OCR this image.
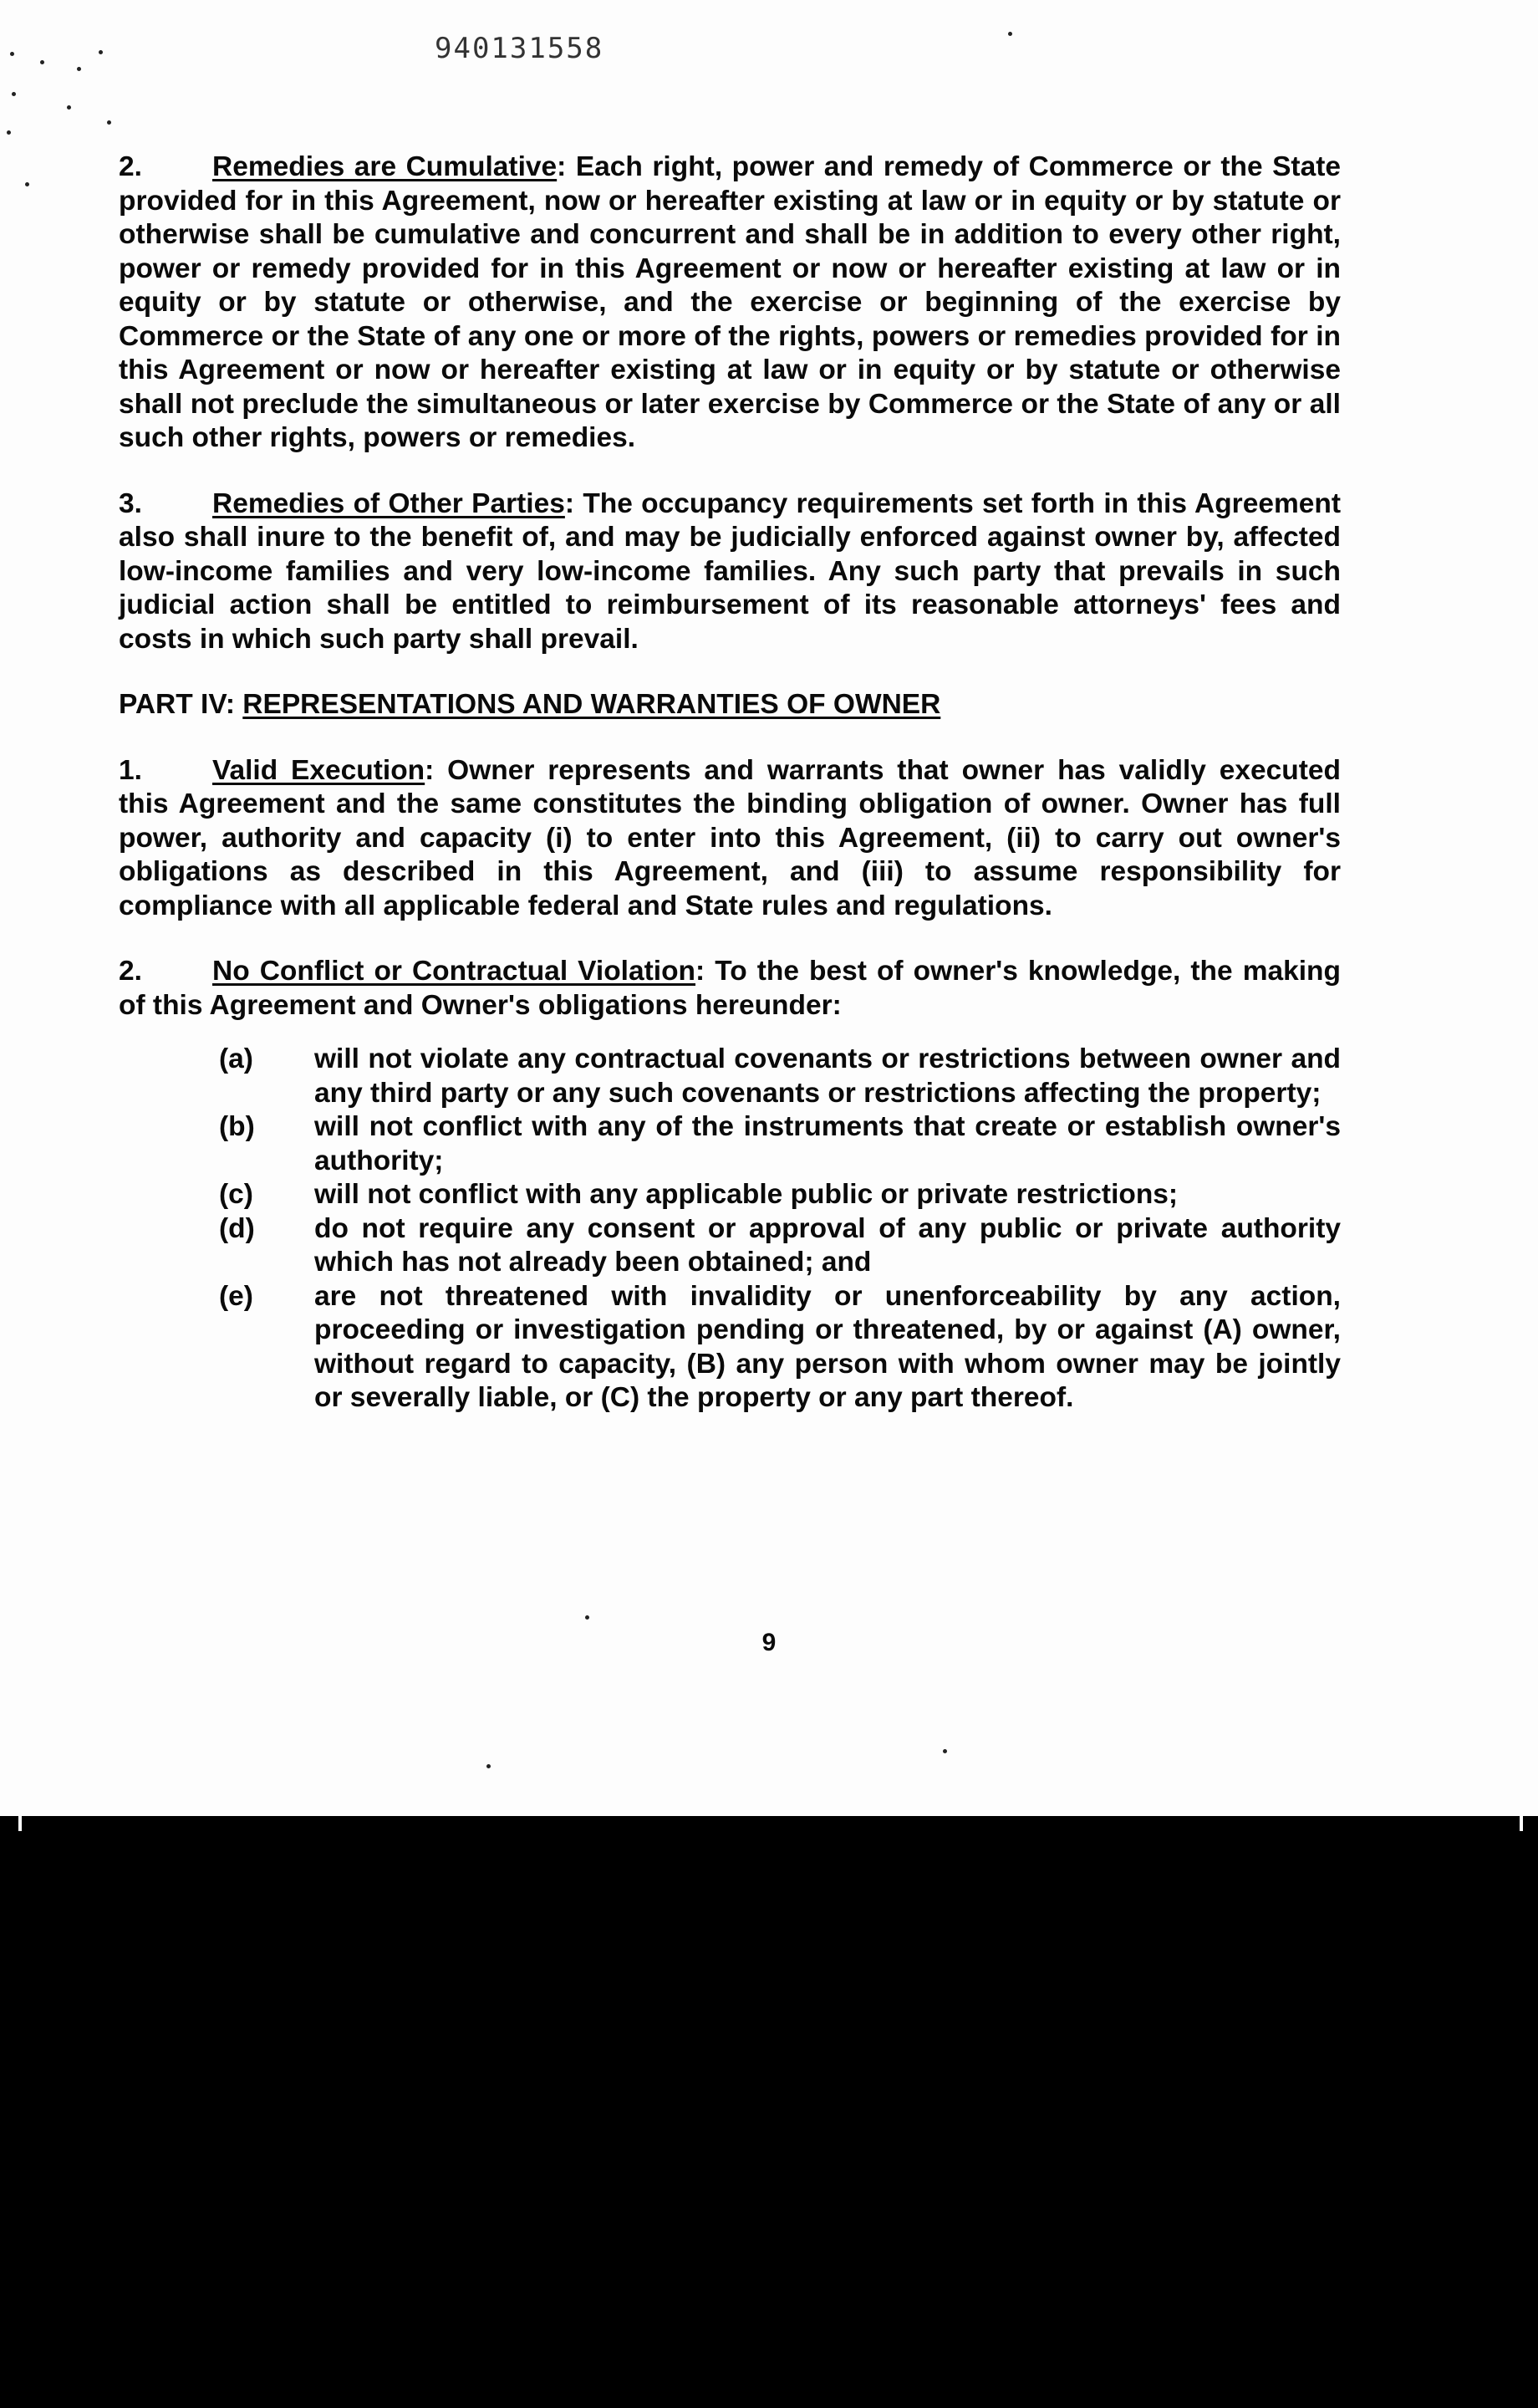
940131558

2.	Remedies are Cumulative: Each right, power and remedy of Commerce or the State provided for in this Agreement, now or hereafter existing at law or in equity or by statute or otherwise shall be cumulative and concurrent and shall be in addition to every other right, power or remedy provided for in this Agreement or now or hereafter existing at law or in equity or by statute or otherwise, and the exercise or beginning of the exercise by Commerce or the State of any one or more of the rights, powers or remedies provided for in this Agreement or now or hereafter existing at law or in equity or by statute or otherwise shall not preclude the simultaneous or later exercise by Commerce or the State of any or all such other rights, powers or remedies.

3.	Remedies of Other Parties: The occupancy requirements set forth in this Agreement also shall inure to the benefit of, and may be judicially enforced against owner by, affected low-income families and very low-income families. Any such party that prevails in such judicial action shall be entitled to reimbursement of its reasonable attorneys' fees and costs in which such party shall prevail.

PART IV: REPRESENTATIONS AND WARRANTIES OF OWNER

1.	Valid Execution: Owner represents and warrants that owner has validly executed this Agreement and the same constitutes the binding obligation of owner. Owner has full power, authority and capacity (i) to enter into this Agreement, (ii) to carry out owner's obligations as described in this Agreement, and (iii) to assume responsibility for compliance with all applicable federal and State rules and regulations.

2.	No Conflict or Contractual Violation: To the best of owner's knowledge, the making of this Agreement and Owner's obligations hereunder:

(a)	will not violate any contractual covenants or restrictions between owner and any third party or any such covenants or restrictions affecting the property;
(b)	will not conflict with any of the instruments that create or establish owner's authority;
(c)	will not conflict with any applicable public or private restrictions;
(d)	do not require any consent or approval of any public or private authority which has not already been obtained; and
(e)	are not threatened with invalidity or unenforceability by any action, proceeding or investigation pending or threatened, by or against (A) owner, without regard to capacity, (B) any person with whom owner may be jointly or severally liable, or (C) the property or any part thereof.
9
